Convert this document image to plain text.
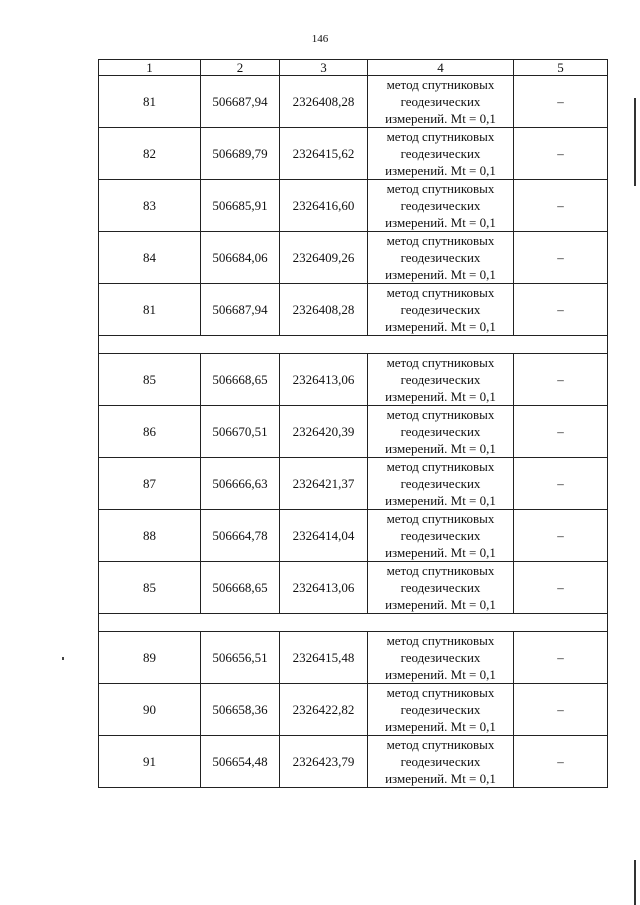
146
1	2	3	4	5
81	506687,94	2326408,28	метод спутниковых геодезических измерений. Mt = 0,1	–
82	506689,79	2326415,62	метод спутниковых геодезических измерений. Mt = 0,1	–
83	506685,91	2326416,60	метод спутниковых геодезических измерений. Mt = 0,1	–
84	506684,06	2326409,26	метод спутниковых геодезических измерений. Mt = 0,1	–
81	506687,94	2326408,28	метод спутниковых геодезических измерений. Mt = 0,1	–

85	506668,65	2326413,06	метод спутниковых геодезических измерений. Mt = 0,1	–
86	506670,51	2326420,39	метод спутниковых геодезических измерений. Mt = 0,1	–
87	506666,63	2326421,37	метод спутниковых геодезических измерений. Mt = 0,1	–
88	506664,78	2326414,04	метод спутниковых геодезических измерений. Mt = 0,1	–
85	506668,65	2326413,06	метод спутниковых геодезических измерений. Mt = 0,1	–

89	506656,51	2326415,48	метод спутниковых геодезических измерений. Mt = 0,1	–
90	506658,36	2326422,82	метод спутниковых геодезических измерений. Mt = 0,1	–
91	506654,48	2326423,79	метод спутниковых геодезических измерений. Mt = 0,1	–
